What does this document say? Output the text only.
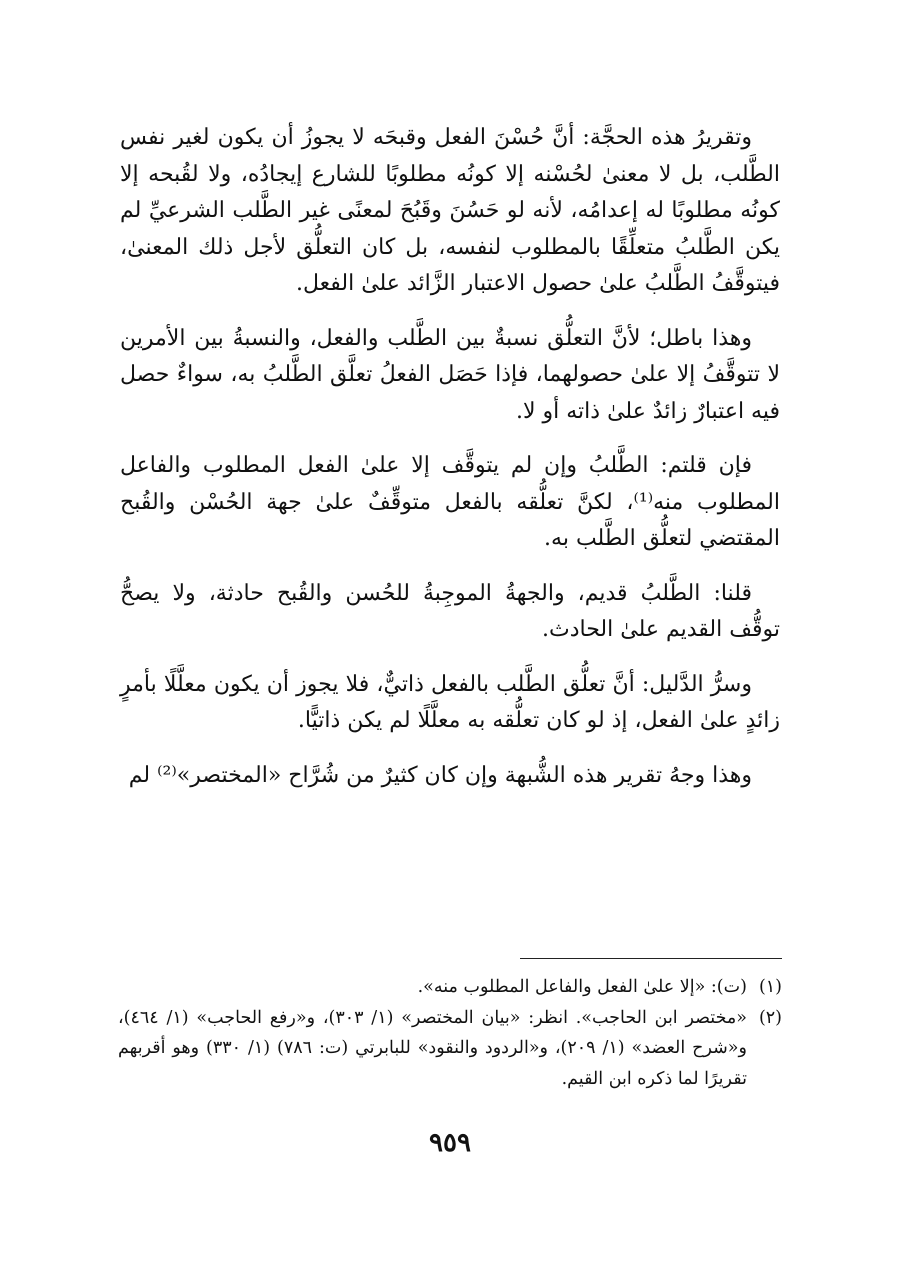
وتقريرُ هذه الحجَّة: أنَّ حُسْنَ الفعل وقبحَه لا يجوزُ أن يكون لغير نفس الطَّلب، بل لا معنىٰ لحُسْنه إلا كونُه مطلوبًا للشارع إيجادُه، ولا لقُبحه إلا كونُه مطلوبًا له إعدامُه، لأنه لو حَسُنَ وقَبُحَ لمعنًى غير الطَّلب الشرعيِّ لم يكن الطَّلبُ متعلِّقًا بالمطلوب لنفسه، بل كان التعلُّق لأجل ذلك المعنىٰ، فيتوقَّفُ الطَّلبُ علىٰ حصول الاعتبار الزَّائد علىٰ الفعل.

وهذا باطل؛ لأنَّ التعلُّق نسبةٌ بين الطَّلب والفعل، والنسبةُ بين الأمرين لا تتوقَّفُ إلا علىٰ حصولهما، فإذا حَصَل الفعلُ تعلَّق الطَّلبُ به، سواءٌ حصل فيه اعتبارٌ زائدٌ علىٰ ذاته أو لا.

فإن قلتم: الطَّلبُ وإن لم يتوقَّف إلا علىٰ الفعل المطلوب والفاعل المطلوب منه⁽¹⁾، لكنَّ تعلُّقه بالفعل متوقِّفٌ علىٰ جهة الحُسْن والقُبح المقتضي لتعلُّق الطَّلب به.

قلنا: الطَّلبُ قديم، والجهةُ الموجِبةُ للحُسن والقُبح حادثة، ولا يصحُّ توقُّف القديم علىٰ الحادث.

وسرُّ الدَّليل: أنَّ تعلُّق الطَّلب بالفعل ذاتيٌّ، فلا يجوز أن يكون معلَّلًا بأمرٍ زائدٍ علىٰ الفعل، إذ لو كان تعلُّقه به معلَّلًا لم يكن ذاتيًّا.

وهذا وجهُ تقرير هذه الشُّبهة وإن كان كثيرٌ من شُرَّاح «المختصر»⁽²⁾ لم

(١)
(ت): «إلا علىٰ الفعل والفاعل المطلوب منه».
(٢)
«مختصر ابن الحاجب». انظر: «بيان المختصر» (١/ ٣٠٣)، و«رفع الحاجب» (١/ ٤٦٤)، و«شرح العضد» (١/ ٢٠٩)، و«الردود والنقود» للبابرتي (ت: ٧٨٦) (١/ ٣٣٠) وهو أقربهم تقريرًا لما ذكره ابن القيم.
٩٥٩
